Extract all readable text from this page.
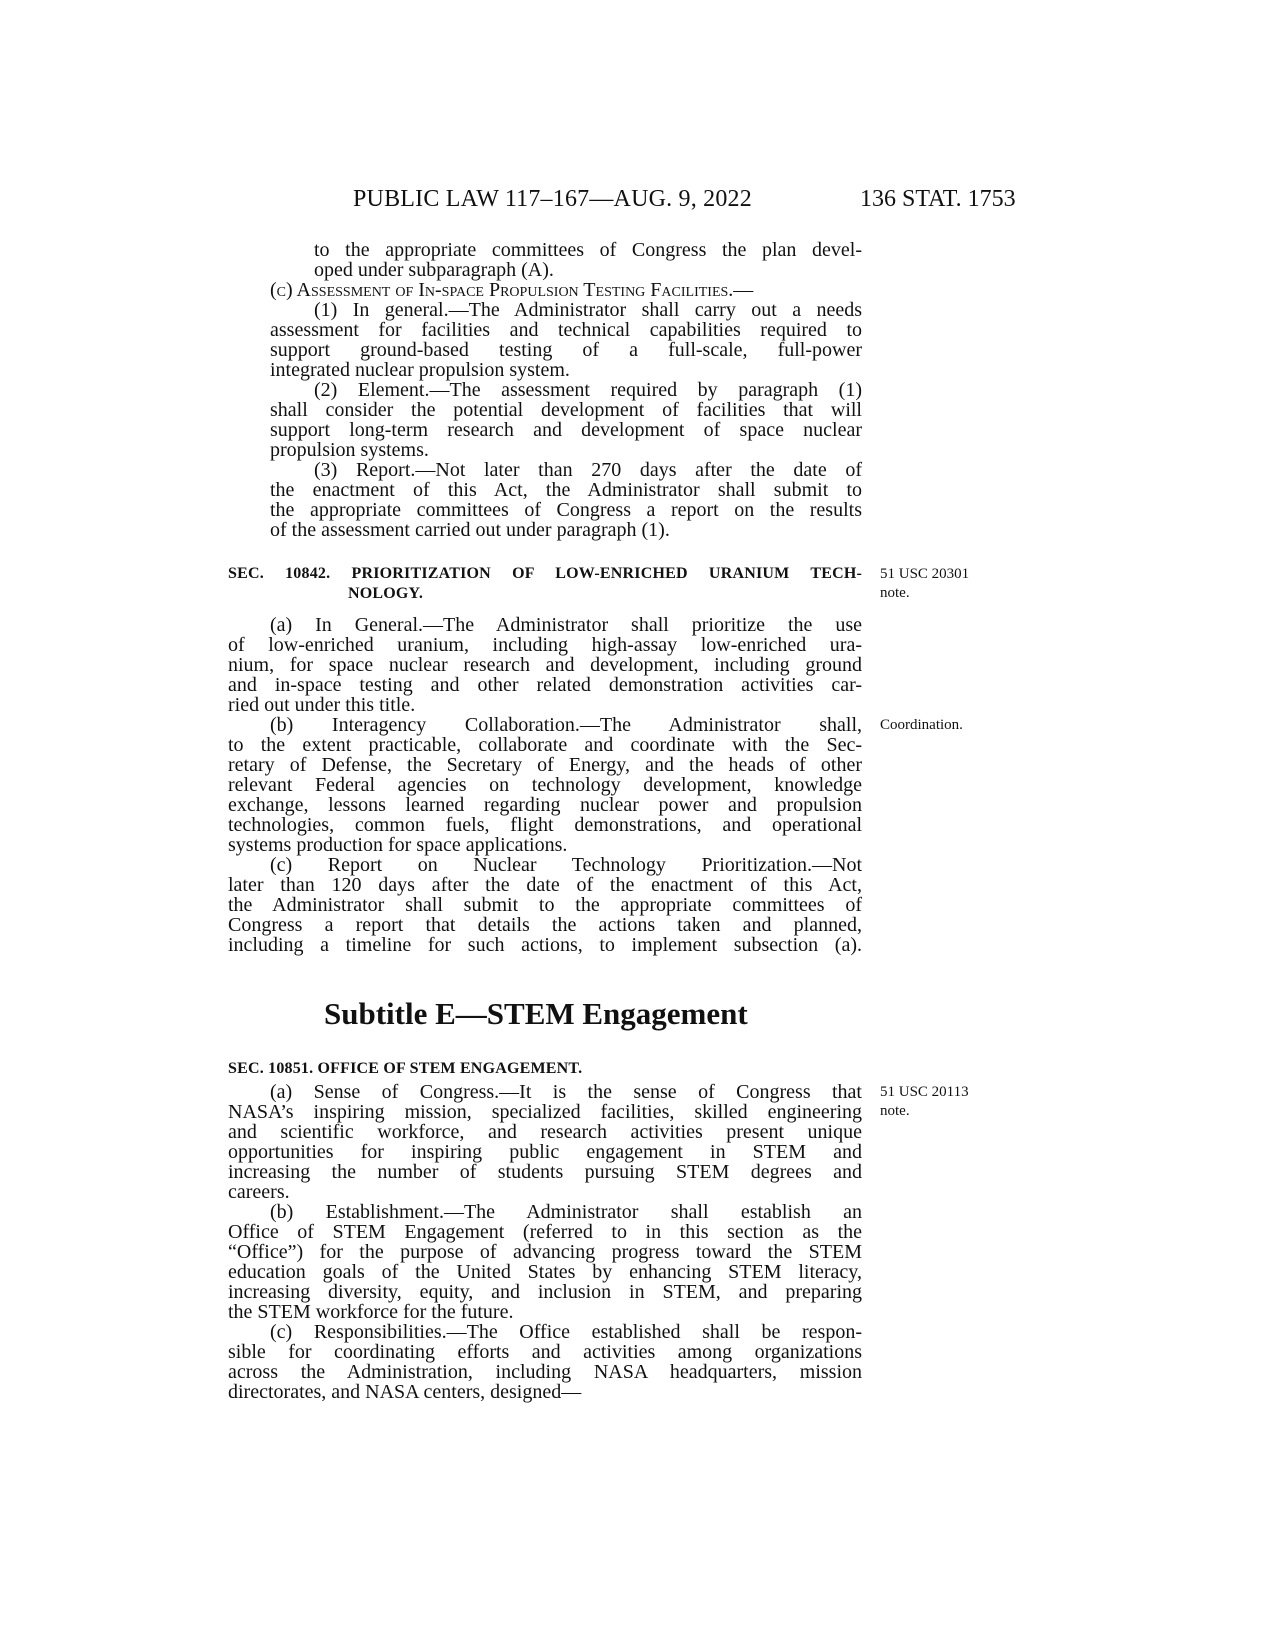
PUBLIC LAW 117–167—AUG. 9, 2022	136 STAT. 1753
to the appropriate committees of Congress the plan devel-
oped under subparagraph (A).
(c) Assessment of In-space Propulsion Testing Facilities.—
(1) In general.—The Administrator shall carry out a needs
assessment for facilities and technical capabilities required to
support ground-based testing of a full-scale, full-power
integrated nuclear propulsion system.
(2) Element.—The assessment required by paragraph (1)
shall consider the potential development of facilities that will
support long-term research and development of space nuclear
propulsion systems.
(3) Report.—Not later than 270 days after the date of
the enactment of this Act, the Administrator shall submit to
the appropriate committees of Congress a report on the results
of the assessment carried out under paragraph (1).
SEC. 10842. PRIORITIZATION OF LOW-ENRICHED URANIUM TECH-
NOLOGY.
51 USC 20301
note.
(a) In General.—The Administrator shall prioritize the use
of low-enriched uranium, including high-assay low-enriched ura-
nium, for space nuclear research and development, including ground
and in-space testing and other related demonstration activities car-
ried out under this title.
Coordination.
(b) Interagency Collaboration.—The Administrator shall,
to the extent practicable, collaborate and coordinate with the Sec-
retary of Defense, the Secretary of Energy, and the heads of other
relevant Federal agencies on technology development, knowledge
exchange, lessons learned regarding nuclear power and propulsion
technologies, common fuels, flight demonstrations, and operational
systems production for space applications.
(c) Report on Nuclear Technology Prioritization.—Not
later than 120 days after the date of the enactment of this Act,
the Administrator shall submit to the appropriate committees of
Congress a report that details the actions taken and planned,
including a timeline for such actions, to implement subsection (a).
Subtitle E—STEM Engagement
SEC. 10851. OFFICE OF STEM ENGAGEMENT.
51 USC 20113
note.
(a) Sense of Congress.—It is the sense of Congress that
NASA’s inspiring mission, specialized facilities, skilled engineering
and scientific workforce, and research activities present unique
opportunities for inspiring public engagement in STEM and
increasing the number of students pursuing STEM degrees and
careers.
(b) Establishment.—The Administrator shall establish an
Office of STEM Engagement (referred to in this section as the
“Office”) for the purpose of advancing progress toward the STEM
education goals of the United States by enhancing STEM literacy,
increasing diversity, equity, and inclusion in STEM, and preparing
the STEM workforce for the future.
(c) Responsibilities.—The Office established shall be respon-
sible for coordinating efforts and activities among organizations
across the Administration, including NASA headquarters, mission
directorates, and NASA centers, designed—
